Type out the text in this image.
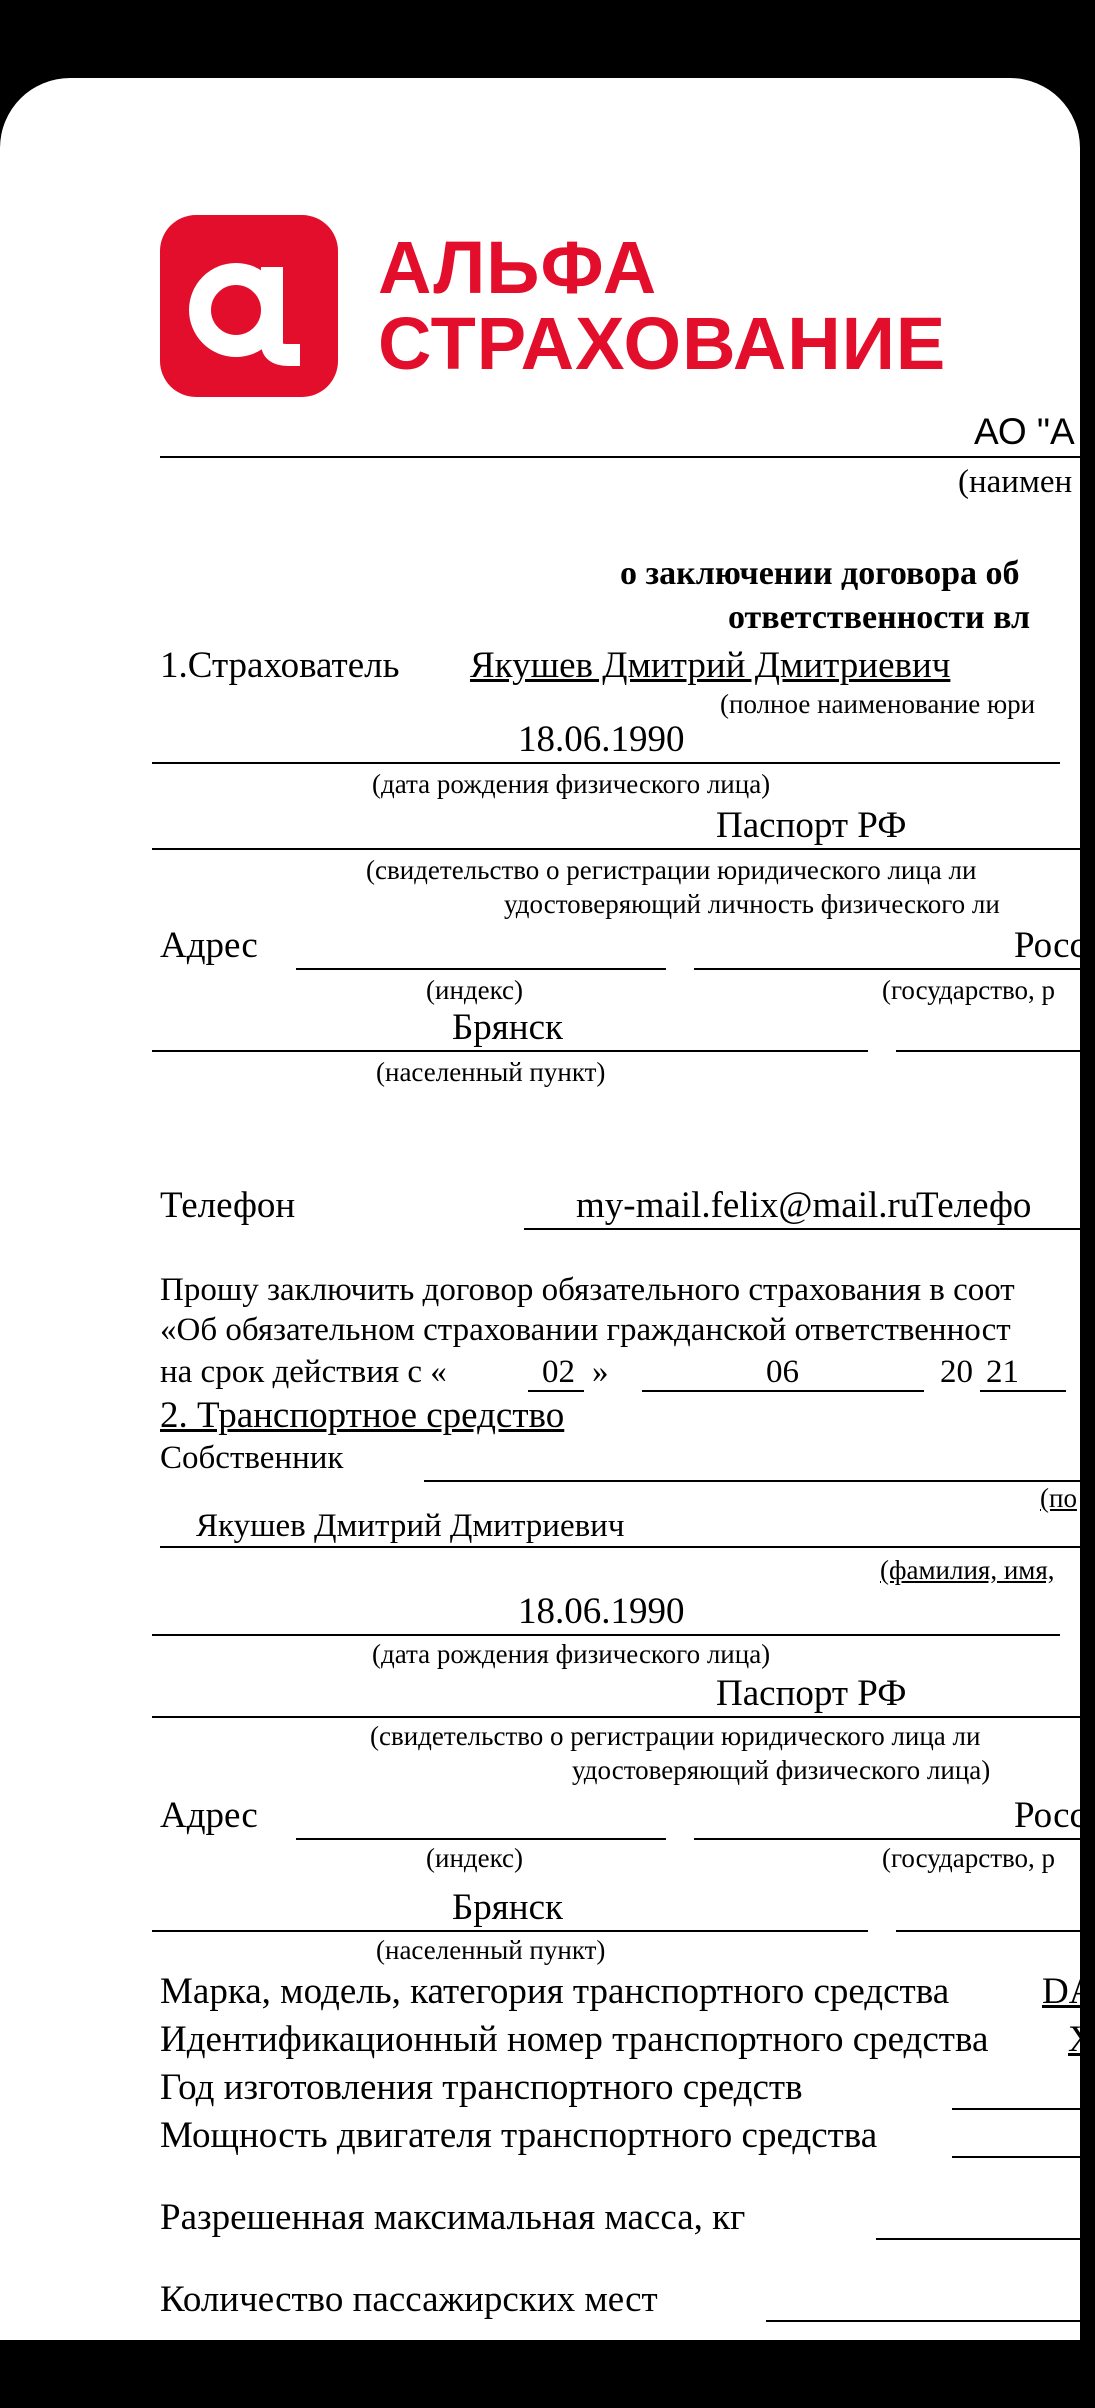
АЛЬФА
СТРАХОВАНИЕ
АО "А
(наимен
о заключении договора об
ответственности вл
1.Страхователь Якушев Дмитрий Дмитриевич
(полное наименование юри
18.06.1990
(дата рождения физического лица)
Паспорт РФ
(свидетельство о регистрации юридического лица ли
удостоверяющий личность физического ли
Адрес	Росс
(индекс)	(государство, р
Брянск
(населенный пункт)
Телефон	my-mail.felix@mail.ru
Телефо
Прошу заключить договор обязательного страхования в соот
«Об обязательном страховании гражданской ответственност
на срок действия с «	02 »	06	20 21
2. Транспортное средство
Собственник
(по
Якушев Дмитрий Дмитриевич
(фамилия, имя,
18.06.1990
(дата рождения физического лица)
Паспорт РФ
(свидетельство о регистрации юридического лица ли
удостоверяющий физического лица)
Адрес	Росс
(индекс)	(государство, р
Брянск
(населенный пункт)
Марка, модель, категория транспортного средства	DA
Идентификационный номер транспортного средства X
Год изготовления транспортного средств
Мощность двигателя транспортного средства
Разрешенная максимальная масса, кг
Количество пассажирских мест
Шасси (рама) №
